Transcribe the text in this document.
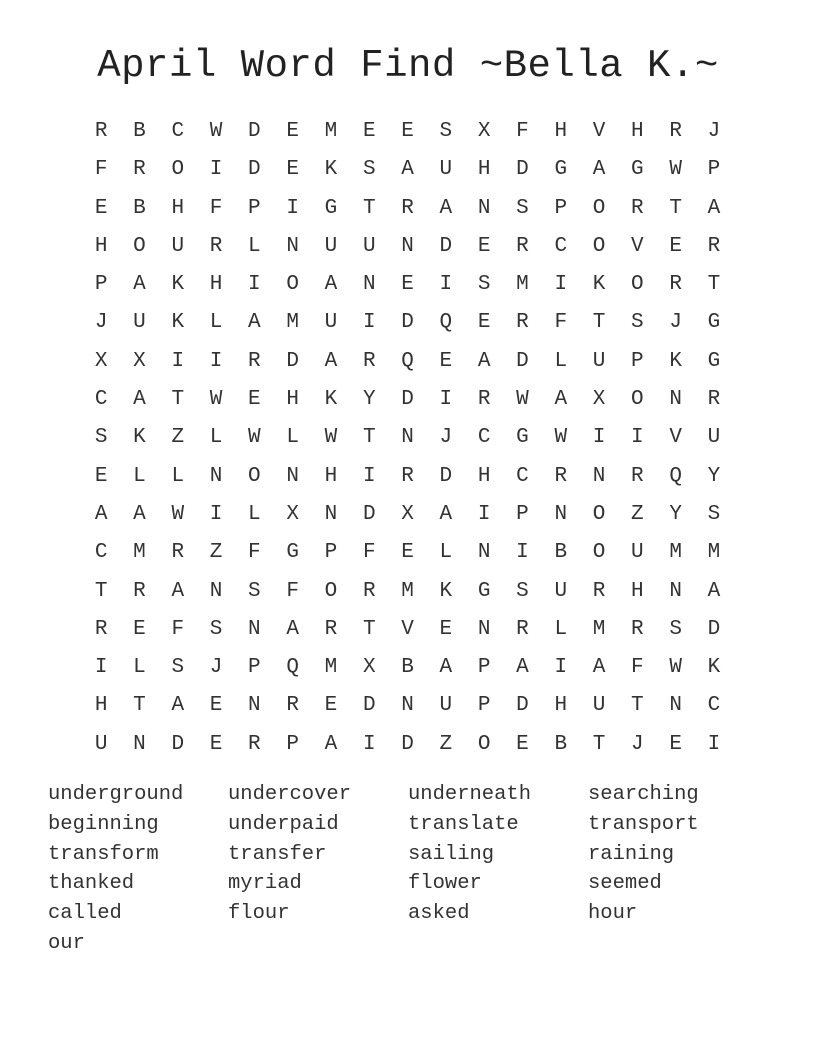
April Word Find ~Bella K.~
R	B	C	W	D	E	M	E	E	S	X	F	H	V	H	R	J
F	R	O	I	D	E	K	S	A	U	H	D	G	A	G	W	P
E	B	H	F	P	I	G	T	R	A	N	S	P	O	R	T	A
H	O	U	R	L	N	U	U	N	D	E	R	C	O	V	E	R
P	A	K	H	I	O	A	N	E	I	S	M	I	K	O	R	T
J	U	K	L	A	M	U	I	D	Q	E	R	F	T	S	J	G
X	X	I	I	R	D	A	R	Q	E	A	D	L	U	P	K	G
C	A	T	W	E	H	K	Y	D	I	R	W	A	X	O	N	R
S	K	Z	L	W	L	W	T	N	J	C	G	W	I	I	V	U
E	L	L	N	O	N	H	I	R	D	H	C	R	N	R	Q	Y
A	A	W	I	L	X	N	D	X	A	I	P	N	O	Z	Y	S
C	M	R	Z	F	G	P	F	E	L	N	I	B	O	U	M	M
T	R	A	N	S	F	O	R	M	K	G	S	U	R	H	N	A
R	E	F	S	N	A	R	T	V	E	N	R	L	M	R	S	D
I	L	S	J	P	Q	M	X	B	A	P	A	I	A	F	W	K
H	T	A	E	N	R	E	D	N	U	P	D	H	U	T	N	C
U	N	D	E	R	P	A	I	D	Z	O	E	B	T	J	E	I
underground	undercover	underneath	searching
beginning	underpaid	translate	transport
transform	transfer	sailing	raining
thanked	myriad	flower	seemed
called	flour	asked	hour
our
